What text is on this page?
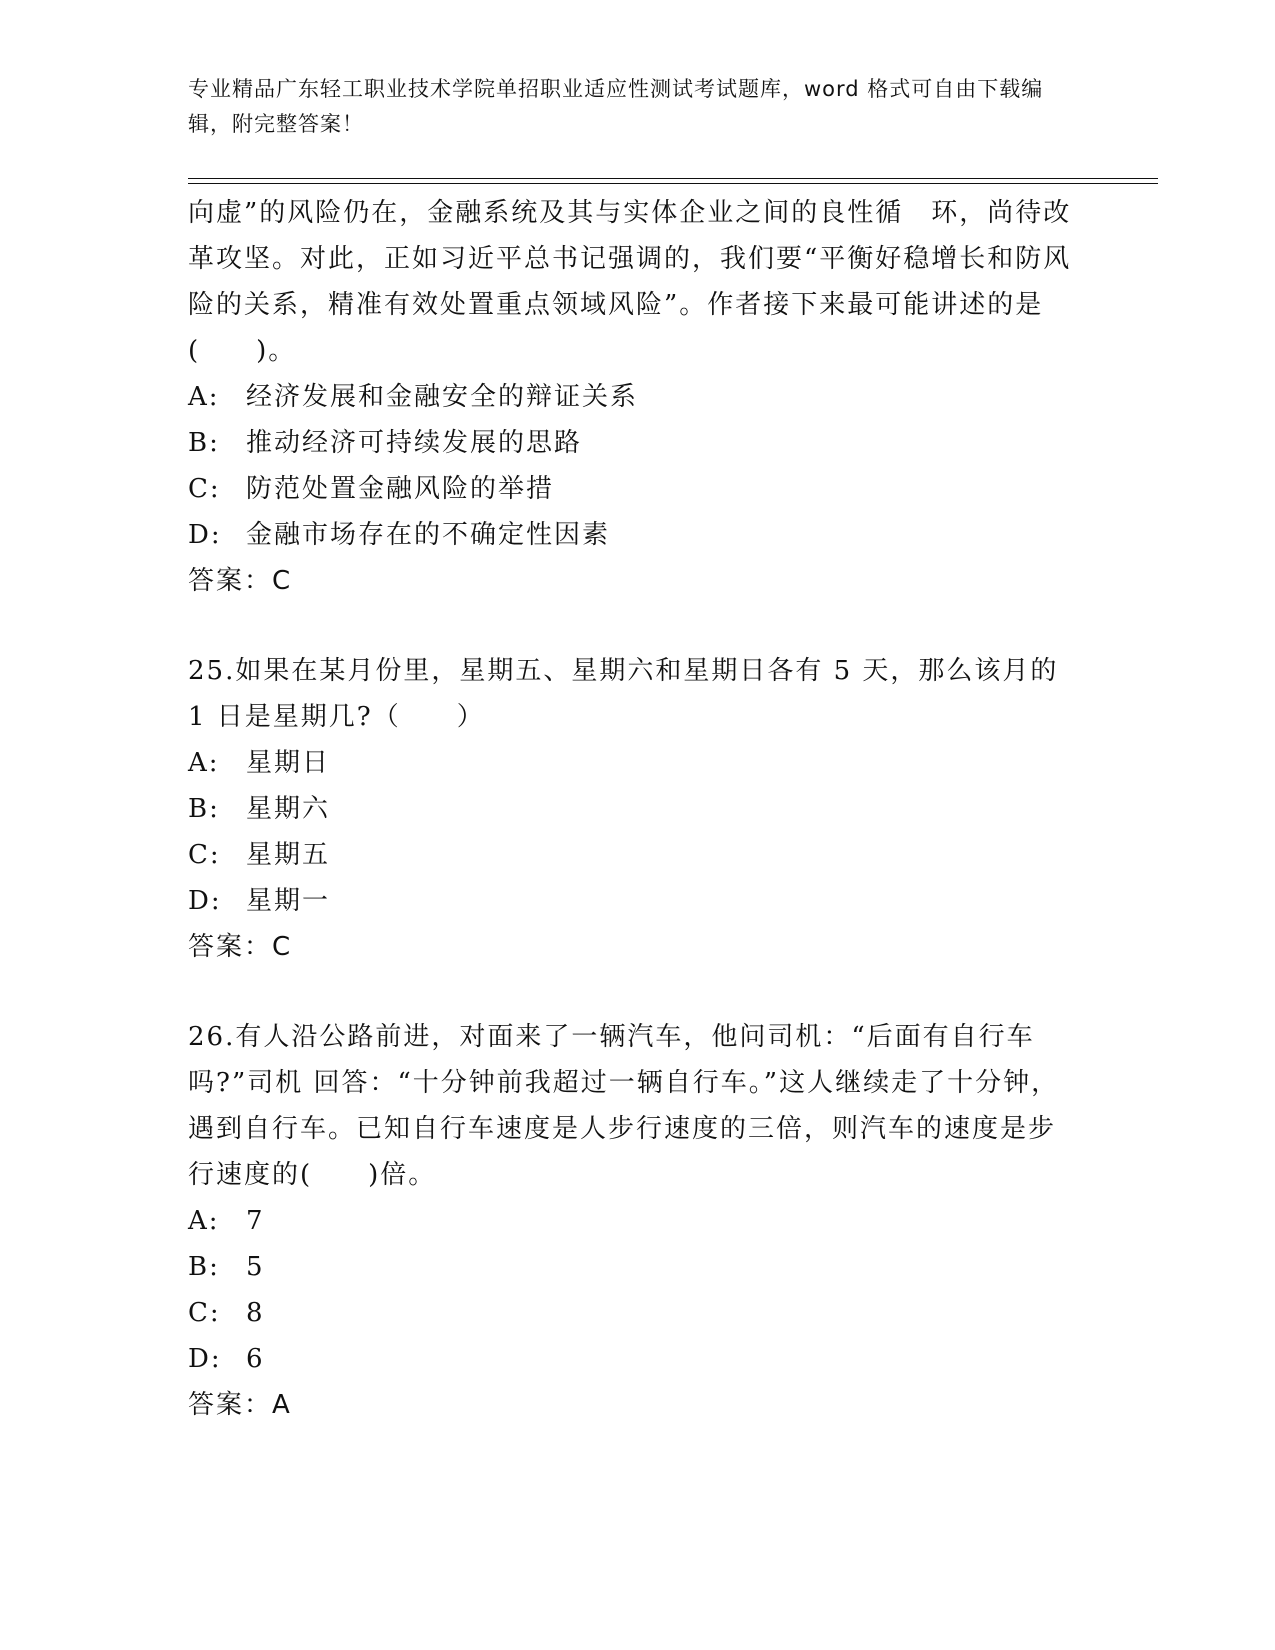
专业精品广东轻工职业技术学院单招职业适应性测试考试题库，word 格式可自由下载编辑，附完整答案！

向虚”的风险仍在，金融系统及其与实体企业之间的良性循　环，尚待改革攻坚。对此，正如习近平总书记强调的，我们要“平衡好稳增长和防风险的关系，精准有效处置重点领域风险”。作者接下来最可能讲述的是(　　)。

A: 经济发展和金融安全的辩证关系
B: 推动经济可持续发展的思路
C: 防范处置金融风险的举措
D: 金融市场存在的不确定性因素
答案：C

25.如果在某月份里，星期五、星期六和星期日各有 5 天，那么该月的 1 日是星期几?（　　）

A: 星期日
B: 星期六
C: 星期五
D: 星期一
答案：C

26.有人沿公路前进，对面来了一辆汽车，他问司机：“后面有自行车吗?”司机 回答：“十分钟前我超过一辆自行车。”这人继续走了十分钟，遇到自行车。已知自行车速度是人步行速度的三倍，则汽车的速度是步行速度的(　　)倍。

A: 7
B: 5
C: 8
D: 6
答案：A
